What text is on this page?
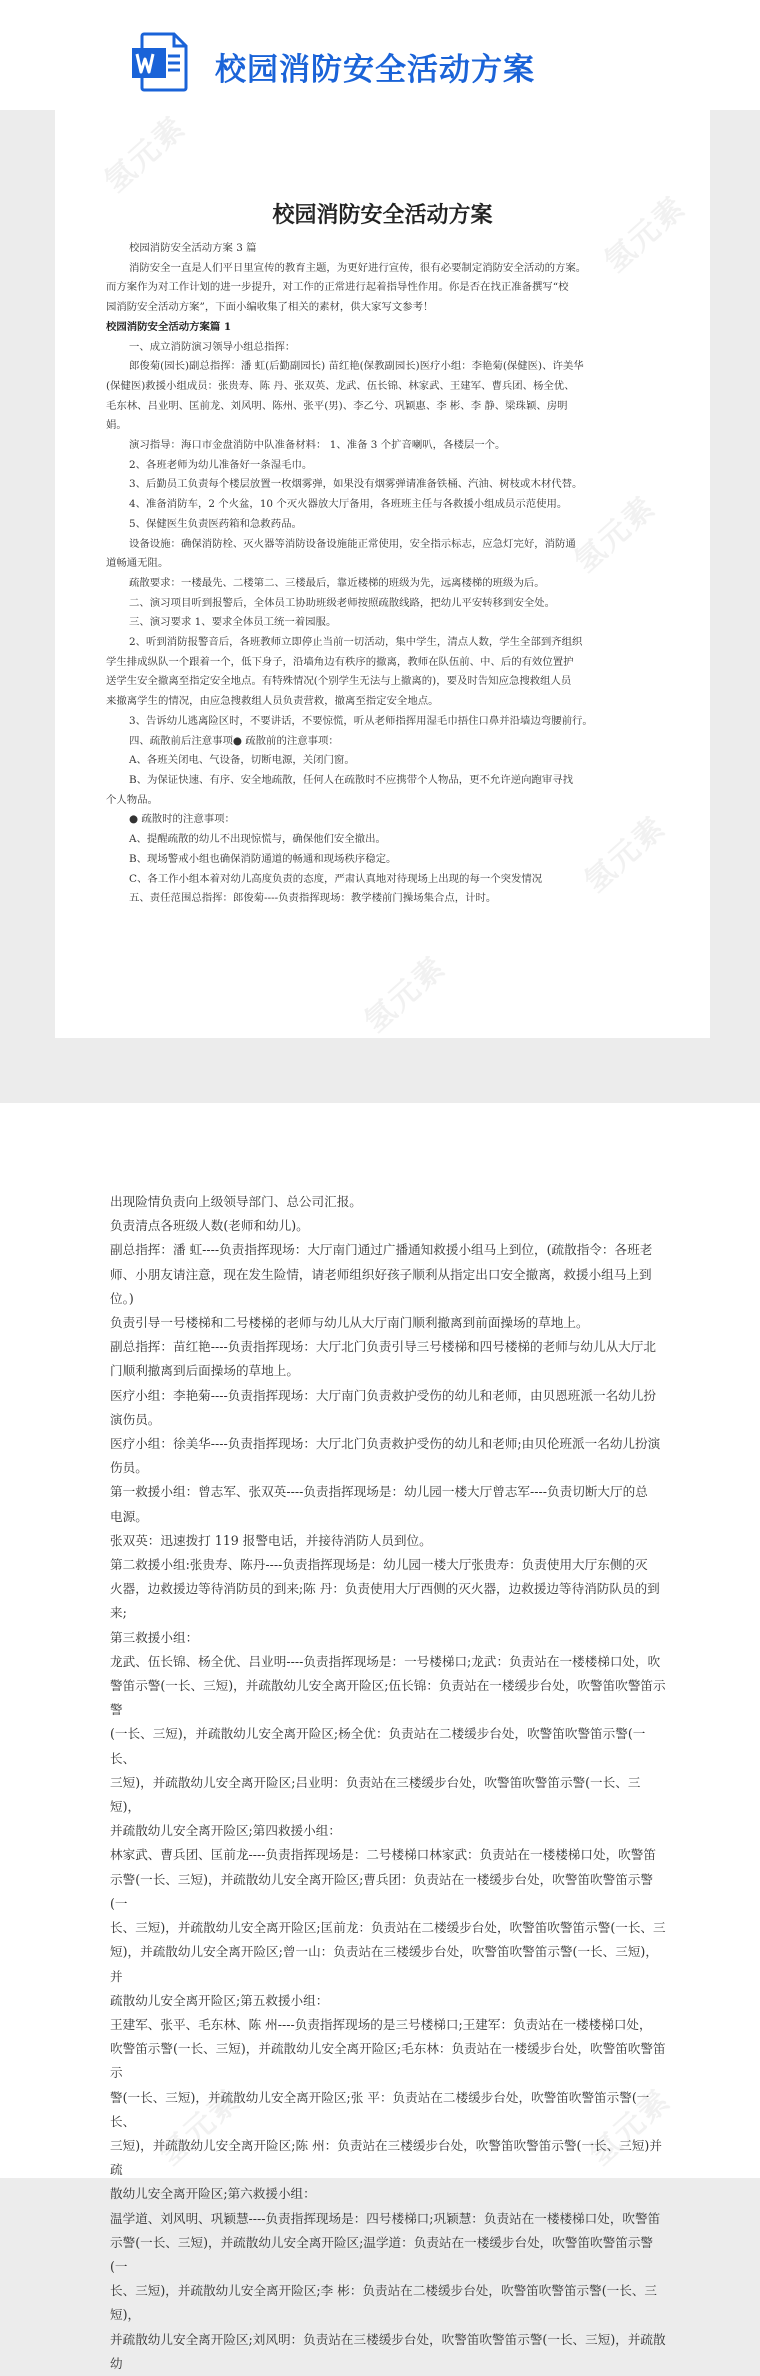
校园消防安全活动方案
校园消防安全活动方案

校园消防安全活动方案 3 篇

消防安全一直是人们平日里宣传的教育主题，为更好进行宣传，很有必要制定消防安全活动的方案。

而方案作为对工作计划的进一步提升，对工作的正常进行起着指导性作用。你是否在找正准备撰写“校

园消防安全活动方案”，下面小编收集了相关的素材，供大家写文参考！

校园消防安全活动方案篇 1

一、成立消防演习领导小组总指挥：

郎俊菊(园长)副总指挥：潘 虹(后勤副园长) 苗红艳(保教副园长)医疗小组：李艳菊(保健医)、许美华

(保健医)救援小组成员：张贵寿、陈 丹、张双英、龙武、伍长锦、林家武、王建军、曹兵团、杨全优、

毛东林、吕业明、匡前龙、刘风明、陈州、张平(男)、李乙兮、巩颖惠、李 彬、李 静、梁珠颖、房明

娟。

演习指导：海口市金盘消防中队准备材料： 1、准备 3 个扩音喇叭，各楼层一个。

2、各班老师为幼儿准备好一条湿毛巾。

3、后勤员工负责每个楼层放置一枚烟雾弹，如果没有烟雾弹请准备铁桶、汽油、树枝或木材代替。

4、准备消防车，2 个火盆，10 个灭火器放大厅备用，各班班主任与各救援小组成员示范使用。

5、保健医生负责医药箱和急救药品。

设备设施：确保消防栓、灭火器等消防设备设施能正常使用，安全指示标志，应急灯完好，消防通

道畅通无阻。

疏散要求：一楼最先、二楼第二、三楼最后，靠近楼梯的班级为先，远离楼梯的班级为后。

二、演习项目听到报警后，全体员工协助班级老师按照疏散线路，把幼儿平安转移到安全处。

三、演习要求 1、要求全体员工统一着园服。

2、听到消防报警音后，各班教师立即停止当前一切活动，集中学生，清点人数，学生全部到齐组织

学生排成纵队一个跟着一个，低下身子，沿墙角边有秩序的撤离，教师在队伍前、中、后的有效位置护

送学生安全撤离至指定安全地点。有特殊情况(个别学生无法与上撤离的)，要及时告知应急搜救组人员

来撤离学生的情况，由应急搜救组人员负责营救，撤离至指定安全地点。

3、告诉幼儿逃离险区时，不要讲话，不要惊慌，听从老师指挥用湿毛巾捂住口鼻并沿墙边弯腰前行。

四、疏散前后注意事项● 疏散前的注意事项：

A、各班关闭电、气设备，切断电源，关闭门窗。

B、为保证快速、有序、安全地疏散，任何人在疏散时不应携带个人物品，更不允许逆向跑审寻找

个人物品。

● 疏散时的注意事项：

A、提醒疏散的幼儿不出现惊慌与，确保他们安全撤出。

B、现场警戒小组也确保消防通道的畅通和现场秩序稳定。

C、各工作小组本着对幼儿高度负责的态度，严肃认真地对待现场上出现的每一个突发情况

五、责任范围总指挥：郎俊菊----负责指挥现场：教学楼前门操场集合点，计时。

氢元素
氢元素
氢元素
氢元素
氢元素

出现险情负责向上级领导部门、总公司汇报。

负责清点各班级人数(老师和幼儿)。

副总指挥：潘 虹----负责指挥现场：大厅南门通过广播通知救援小组马上到位，(疏散指令：各班老

师、小朋友请注意，现在发生险情，请老师组织好孩子顺利从指定出口安全撤离，救援小组马上到位。)

负责引导一号楼梯和二号楼梯的老师与幼儿从大厅南门顺利撤离到前面操场的草地上。

副总指挥：苗红艳----负责指挥现场：大厅北门负责引导三号楼梯和四号楼梯的老师与幼儿从大厅北

门顺利撤离到后面操场的草地上。

医疗小组：李艳菊----负责指挥现场：大厅南门负责救护受伤的幼儿和老师，由贝恩班派一名幼儿扮

演伤员。

医疗小组：徐美华----负责指挥现场：大厅北门负责救护受伤的幼儿和老师;由贝伦班派一名幼儿扮演

伤员。

第一救援小组：曾志军、张双英----负责指挥现场是：幼儿园一楼大厅曾志军----负责切断大厅的总

电源。

张双英：迅速拨打 119 报警电话，并接待消防人员到位。

第二救援小组:张贵寿、陈丹----负责指挥现场是：幼儿园一楼大厅张贵寿：负责使用大厅东侧的灭

火器，边救援边等待消防员的到来;陈 丹：负责使用大厅西侧的灭火器，边救援边等待消防队员的到来;

第三救援小组：

龙武、伍长锦、杨全优、吕业明----负责指挥现场是：一号楼梯口;龙武：负责站在一楼楼梯口处，吹

警笛示警(一长、三短)，并疏散幼儿安全离开险区;伍长锦：负责站在一楼缓步台处，吹警笛吹警笛示警

(一长、三短)，并疏散幼儿安全离开险区;杨全优：负责站在二楼缓步台处，吹警笛吹警笛示警(一长、

三短)，并疏散幼儿安全离开险区;吕业明：负责站在三楼缓步台处，吹警笛吹警笛示警(一长、三短)，

并疏散幼儿安全离开险区;第四救援小组：

林家武、曹兵团、匡前龙----负责指挥现场是：二号楼梯口林家武：负责站在一楼楼梯口处，吹警笛

示警(一长、三短)，并疏散幼儿安全离开险区;曹兵团：负责站在一楼缓步台处，吹警笛吹警笛示警(一

长、三短)，并疏散幼儿安全离开险区;匡前龙：负责站在二楼缓步台处，吹警笛吹警笛示警(一长、三

短)，并疏散幼儿安全离开险区;曾一山：负责站在三楼缓步台处，吹警笛吹警笛示警(一长、三短)，并

疏散幼儿安全离开险区;第五救援小组：

王建军、张平、毛东林、陈 州----负责指挥现场的是三号楼梯口;王建军：负责站在一楼楼梯口处，

吹警笛示警(一长、三短)，并疏散幼儿安全离开险区;毛东林：负责站在一楼缓步台处，吹警笛吹警笛示

警(一长、三短)，并疏散幼儿安全离开险区;张 平：负责站在二楼缓步台处，吹警笛吹警笛示警(一长、

三短)，并疏散幼儿安全离开险区;陈 州：负责站在三楼缓步台处，吹警笛吹警笛示警(一长、三短)并疏

散幼儿安全离开险区;第六救援小组：

温学道、刘风明、巩颖慧----负责指挥现场是：四号楼梯口;巩颖慧：负责站在一楼楼梯口处，吹警笛

示警(一长、三短)，并疏散幼儿安全离开险区;温学道：负责站在一楼缓步台处，吹警笛吹警笛示警(一

长、三短)，并疏散幼儿安全离开险区;李 彬：负责站在二楼缓步台处，吹警笛吹警笛示警(一长、三短)，

并疏散幼儿安全离开险区;刘风明：负责站在三楼缓步台处，吹警笛吹警笛示警(一长、三短)，并疏散幼

氢元素	氢元素
